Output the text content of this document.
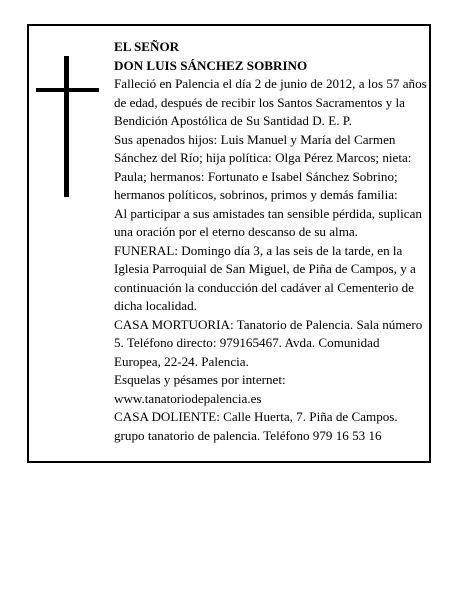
EL SEÑOR

DON LUIS SÁNCHEZ SOBRINO

Falleció en Palencia el día 2 de junio de 2012, a los 57 años de edad, después de recibir los Santos Sacramentos y la Bendición Apostólica de Su Santidad D. E. P.

Sus apenados hijos: Luis Manuel y María del Carmen Sánchez del Río; hija política: Olga Pérez Marcos; nieta: Paula; hermanos: Fortunato e Isabel Sánchez Sobrino; hermanos políticos, sobrinos, primos y demás familia:

Al participar a sus amistades tan sensible pérdida, suplican una oración por el eterno descanso de su alma.

FUNERAL: Domingo día 3, a las seis de la tarde, en la Iglesia Parroquial de San Miguel, de Piña de Campos, y a continuación la conducción del cadáver al Cementerio de dicha localidad.

CASA MORTUORIA: Tanatorio de Palencia. Sala número 5. Teléfono directo: 979165467. Avda. Comunidad Europea, 22-24. Palencia.

Esquelas y pésames por internet: www.tanatoriodepalencia.es

CASA DOLIENTE: Calle Huerta, 7. Piña de Campos. grupo tanatorio de palencia. Teléfono 979 16 53 16
